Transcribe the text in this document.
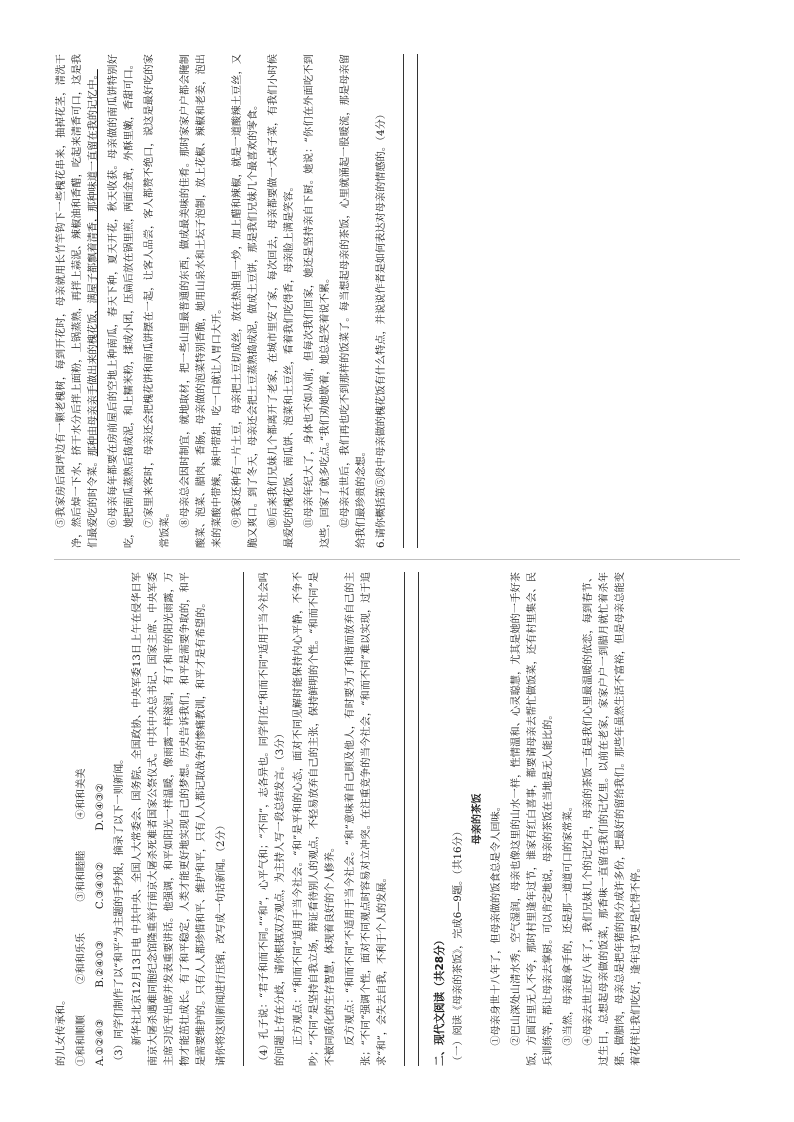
的儿女传承和。 ①和和顺顺 ②和和乐乐 ③和和睦睦 ④和和美美
A.①②④③ B.②④①③ C.③④①② D.①④③② （3）同学们制作了以“和平”为主题的手抄报，摘录了以下一则新闻。 新华社北京12月13日电 中共中央、全国人大常委会、国务院、全国政协、中央军委13日上午在侵华日军南京大屠杀遇难同胞纪念馆隆重举行南京大屠杀死难者国家公祭仪式。中共中央总书记、国家主席、中央军委主席习近平出席并发表重要讲话。他强调，和平如阳光一样温暖，像雨露一样滋润，有了和平的阳光雨露，万物才能茁壮成长。有了和平稳定，人类才能更好地实现自己的梦想。历史告诉我们，和平是需要争取的，和平是需要维护的。只有人人都珍惜和平、维护和平，只有人人都记取战争的惨痛教训，和平才是有希望的。 请你将这则新闻进行压缩，改写成一句话新闻。（2分）	（4）孔子说：“君子和而不同。”“和”，心平气和；“不同”，志各异也。同学们在“和而不同”适用于当今社会吗的问题上存在分歧，请你根据双方观点，为主持人写一段总结发言。（3分） 正方观点：“和而不同”适用于当今社会。“和”是平和的心态，面对不同见解时能保持内心平静，不争不吵；“不同”是坚持自我立场，辩证看待别人的观点，不轻易放弃自己的主张，保持鲜明的个性。“和而不同”是不被同质化的生存智慧，体现着良好的个人修养。 反方观点：“和而不同”不适用于当今社会。“和”意味着自己顾及他人，有时要为了和谐而放弃自己的主张；“不同”强调个性，面对不同观点时容易对立冲突。在注重竞争的当今社会，“和而不同”难以实现，过于追求“和”，会失去自我，不利于个人的发展。	二、现代文阅读（共28分） （一）阅读《母亲的茶饭》，完成6—9题。（共16分）

母亲的茶饭 ①母亲身世十八年了，但母亲做的饭食总是令人回味。 ②巴山深处山清水秀，空气湿润，母亲也像这里的山水一样，性情温和、心灵聪慧，尤其是她的一手好茶饭，方圆百里无人不夸，那时村里逢年过节，谁家有红白喜事，都要请母亲去帮忙做饭菜，还有村里集会、民兵训练等，都让母亲去掌厨。可以肯定地说，母亲的茶饭在当地是无人能比的。 ③当然，母亲最拿手的，还是那一道道可口的家常菜。 ④母亲去世正好八年了，我们兄妹几个的记忆中，母亲的茶饭一直是我们心里最温暖的依恋，每到春节、过生日，总想起母亲做的饭菜，那香味一直留在我们的记忆里。以前在老家，家家户户一到腊月就忙着杀年猪、做腊肉，母亲总是把年猪的肉分成许多份，把最好的留给我们。那些年虽然生活不富裕，但是母亲总能变着花样让我们吃好，逢年过节更是忙得不停。

⑤我家房后园坪边有一颗老槐树，每到开花时，母亲就用长竹竿钩下一些槐花串来，抽掉花茎，清洗干净，然后焯一下水，挤干水分后拌上面粉，上锅蒸熟，再拌上蒜泥、辣椒油和香醋，吃起来清香可口，这是我们最爱吃的时令菜。那种由母亲亲手做出来的槐花饭，满屋子都飘着清香，那种味道一直留在我的记忆中。 ⑥母亲每年都要在房前屋后的空地上种南瓜，春天下种，夏天开花，秋天收获。母亲做的南瓜饼特别好吃，她把南瓜蒸熟后捣成泥，和上糯米粉，揉成小团，压扁后放在锅里煎，两面金黄，外酥里嫩，香甜可口。 ⑦家里来客时，母亲还会把槐花饼和南瓜饼摆在一起，让客人品尝，客人都赞不绝口，说这是最好吃的家常饭菜。

⑧母亲总会因时制宜，就地取材，把一些山里最普通的东西，做成最美味的佳肴。那时家家户户都会腌制酸菜、泡菜、腊肉、香肠，母亲做的泡菜特别香脆，她用山泉水和土坛子泡制，放上花椒、辣椒和老姜，泡出来的菜酸中带辣，辣中带甜，吃一口就让人胃口大开。 ⑨我家还种有一片土豆，母亲把土豆切成丝，放在热油里一炒，加上醋和辣椒，就是一道酸辣土豆丝，又脆又爽口。到了冬天，母亲还会把土豆蒸熟捣成泥，做成土豆饼，那是我们兄妹几个最喜欢的零食。 ⑩后来我们兄妹几个都离开了老家，在城市里安了家，每次回去，母亲都要做一大桌子菜，有我们小时候最爱吃的槐花饭、南瓜饼、泡菜和土豆丝，看着我们吃得香，母亲脸上满是笑容。 ⑪母亲年纪大了，身体也不如从前，但每次我们回家，她还是坚持亲自下厨。她说：“你们在外面吃不到这些，回家了就多吃点。”我们劝她歇着，她总是笑着说不累。 ⑫母亲去世后，我们再也吃不到那样的饭菜了。每当想起母亲的茶饭，心里就涌起一股暖流，那是母亲留给我们最珍贵的念想。 6.请你概括第⑤段中母亲做的槐花饭有什么特点，并说说作者是如何表达对母亲的情感的。（4分）
